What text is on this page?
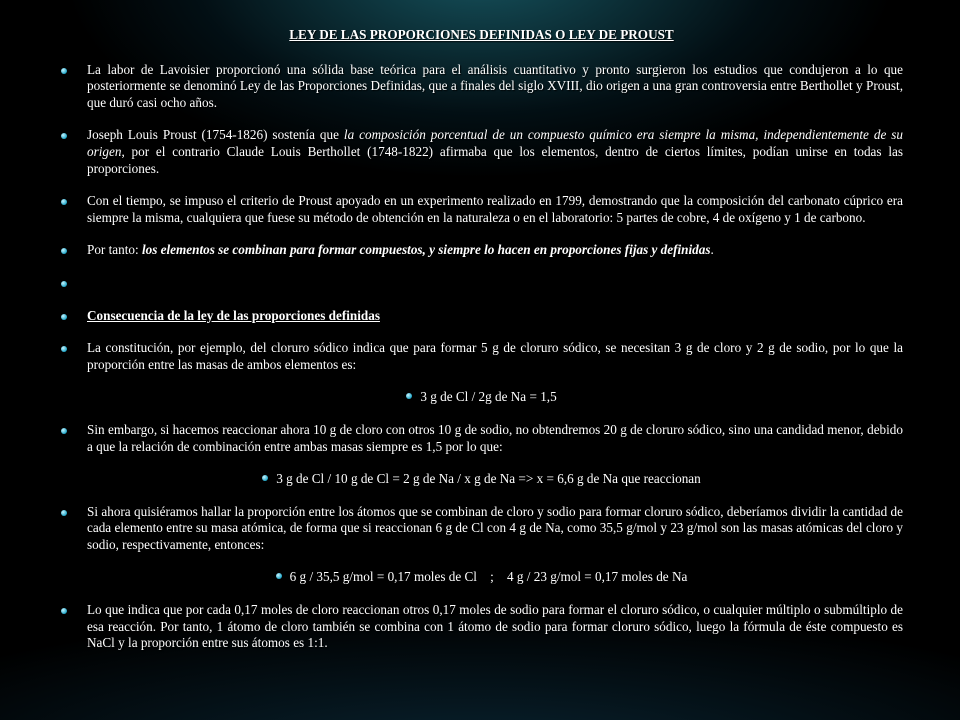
LEY DE LAS PROPORCIONES DEFINIDAS O LEY DE PROUST
La labor de Lavoisier proporcionó una sólida base teórica para el análisis cuantitativo y pronto surgieron los estudios que condujeron a lo que posteriormente se denominó Ley de las Proporciones Definidas, que a finales del siglo XVIII, dio origen a una gran controversia entre Berthollet y Proust, que duró casi ocho años.
Joseph Louis Proust (1754-1826) sostenía que la composición porcentual de un compuesto químico era siempre la misma, independientemente de su origen, por el contrario Claude Louis Berthollet (1748-1822) afirmaba que los elementos, dentro de ciertos límites, podían unirse en todas las proporciones.
Con el tiempo, se impuso el criterio de Proust apoyado en un experimento realizado en 1799, demostrando que la composición del carbonato cúprico era siempre la misma, cualquiera que fuese su método de obtención en la naturaleza o en el laboratorio: 5 partes de cobre, 4 de oxígeno y 1 de carbono.
Por tanto: los elementos se combinan para formar compuestos, y siempre lo hacen en proporciones fijas y definidas.
Consecuencia de la ley de las proporciones definidas
La constitución, por ejemplo, del cloruro sódico indica que para formar 5 g de cloruro sódico, se necesitan 3 g de cloro y 2 g de sodio, por lo que la proporción entre las masas de ambos elementos es:
3 g de Cl / 2g de Na = 1,5
Sin embargo, si hacemos reaccionar ahora 10 g de cloro con otros 10 g de sodio, no obtendremos 20 g de cloruro sódico, sino una candidad menor, debido a que la relación de combinación entre ambas masas siempre es 1,5 por lo que:
3 g de Cl / 10 g de Cl = 2 g de Na / x g de Na => x = 6,6 g de Na que reaccionan
Si ahora quisiéramos hallar la proporción entre los átomos que se combinan de cloro y sodio para formar cloruro sódico, deberíamos dividir la cantidad de cada elemento entre su masa atómica, de forma que si reaccionan 6 g de Cl con 4 g de Na, como 35,5 g/mol y 23 g/mol son las masas atómicas del cloro y sodio, respectivamente, entonces:
6 g / 35,5 g/mol = 0,17 moles de Cl    ;    4 g / 23 g/mol = 0,17 moles de Na
Lo que indica que por cada 0,17 moles de cloro reaccionan otros 0,17 moles de sodio para formar el cloruro sódico, o cualquier múltiplo o submúltiplo de esa reacción. Por tanto, 1 átomo de cloro también se combina con 1 átomo de sodio para formar cloruro sódico, luego la fórmula de éste compuesto es NaCl y la proporción entre sus átomos es 1:1.
